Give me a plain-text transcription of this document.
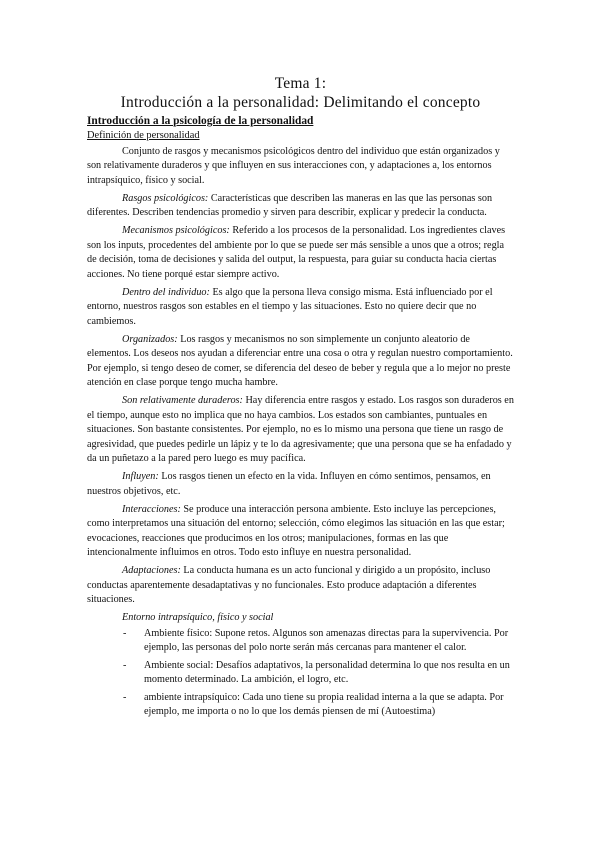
Tema 1:
Introducción a la personalidad: Delimitando el concepto
Introducción a la psicología de la personalidad
Definición de personalidad

Conjunto de rasgos y mecanismos psicológicos dentro del individuo que están organizados y son relativamente duraderos y que influyen en sus interacciones con, y adaptaciones a, los entornos intrapsíquico, físico y social.

Rasgos psicológicos: Características que describen las maneras en las que las personas son diferentes. Describen tendencias promedio y sirven para describir, explicar y predecir la conducta.

Mecanismos psicológicos: Referido a los procesos de la personalidad. Los ingredientes claves son los inputs, procedentes del ambiente por lo que se puede ser más sensible a unos que a otros; regla de decisión, toma de decisiones y salida del output, la respuesta, para guiar su conducta hacia ciertas acciones. No tiene porqué estar siempre activo.

Dentro del individuo: Es algo que la persona lleva consigo misma. Está influenciado por el entorno, nuestros rasgos son estables en el tiempo y las situaciones. Esto no quiere decir que no cambiemos.

Organizados: Los rasgos y mecanismos no son simplemente un conjunto aleatorio de elementos. Los deseos nos ayudan a diferenciar entre una cosa o otra y regulan nuestro comportamiento. Por ejemplo, si tengo deseo de comer, se diferencia del deseo de beber y regula que a lo mejor no preste atención en clase porque tengo mucha hambre.

Son relativamente duraderos: Hay diferencia entre rasgos y estado. Los rasgos son duraderos en el tiempo, aunque esto no implica que no haya cambios. Los estados son cambiantes, puntuales en situaciones. Son bastante consistentes. Por ejemplo, no es lo mismo una persona que tiene un rasgo de agresividad, que puedes pedirle un lápiz y te lo da agresivamente; que una persona que se ha enfadado y da un puñetazo a la pared pero luego es muy pacífica.

Influyen: Los rasgos tienen un efecto en la vida. Influyen en cómo sentimos, pensamos, en nuestros objetivos, etc.

Interacciones: Se produce una interacción persona ambiente. Esto incluye las percepciones, como interpretamos una situación del entorno; selección, cómo elegimos las situación en las que estar; evocaciones, reacciones que producimos en los otros; manipulaciones, formas en las que intencionalmente influimos en otros. Todo esto influye en nuestra personalidad.

Adaptaciones: La conducta humana es un acto funcional y dirigido a un propósito, incluso conductas aparentemente desadaptativas y no funcionales. Esto produce adaptación a diferentes situaciones.

Entorno intrapsíquico, físico y social
- Ambiente físico: Supone retos. Algunos son amenazas directas para la supervivencia. Por ejemplo, las personas del polo norte serán más cercanas para mantener el calor.
- Ambiente social: Desafíos adaptativos, la personalidad determina lo que nos resulta en un momento determinado. La ambición, el logro, etc.
- ambiente intrapsíquico: Cada uno tiene su propia realidad interna a la que se adapta. Por ejemplo, me importa o no lo que los demás piensen de mí (Autoestima)
